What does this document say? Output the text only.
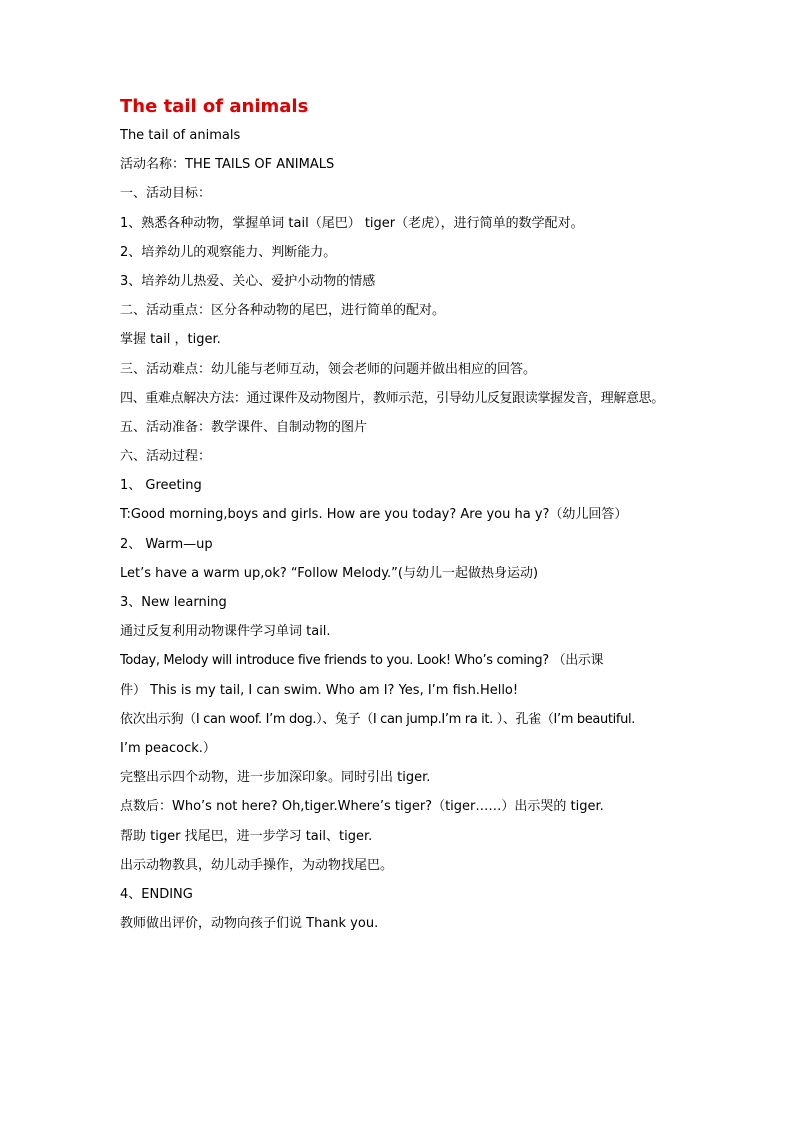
The tail of animals

The tail of animals

活动名称：THE TAILS OF ANIMALS

一、活动目标：

1、熟悉各种动物，掌握单词 tail（尾巴） tiger（老虎），进行简单的数学配对。

2、培养幼儿的观察能力、判断能力。

3、培养幼儿热爱、关心、爱护小动物的情感

二、活动重点：区分各种动物的尾巴，进行简单的配对。

掌握 tail ，tiger.

三、活动难点：幼儿能与老师互动，领会老师的问题并做出相应的回答。

四、重难点解决方法：通过课件及动物图片，教师示范，引导幼儿反复跟读掌握发音，理解意思。

五、活动准备：教学课件、自制动物的图片

六、活动过程：

1、 Greeting

T:Good morning,boys and girls. How are you today? Are you ha y?（幼儿回答）

2、 Warm—up

Let’s have a warm up,ok? “Follow Melody.”(与幼儿一起做热身运动)

3、New learning

通过反复利用动物课件学习单词 tail.

Today, Melody will introduce five friends to you. Look! Who’s coming? （出示课

件） This is my tail, I can swim. Who am I? Yes, I’m fish.Hello!

依次出示狗（I can woof. I’m dog.）、兔子（I can jump.I’m ra it. ）、孔雀（I’m beautiful.

I’m peacock.）

完整出示四个动物，进一步加深印象。同时引出 tiger.

点数后：Who’s not here? Oh,tiger.Where’s tiger?（tiger……）出示哭的 tiger.

帮助 tiger 找尾巴，进一步学习 tail、tiger.

出示动物教具，幼儿动手操作，为动物找尾巴。

4、ENDING

教师做出评价，动物向孩子们说 Thank you.
